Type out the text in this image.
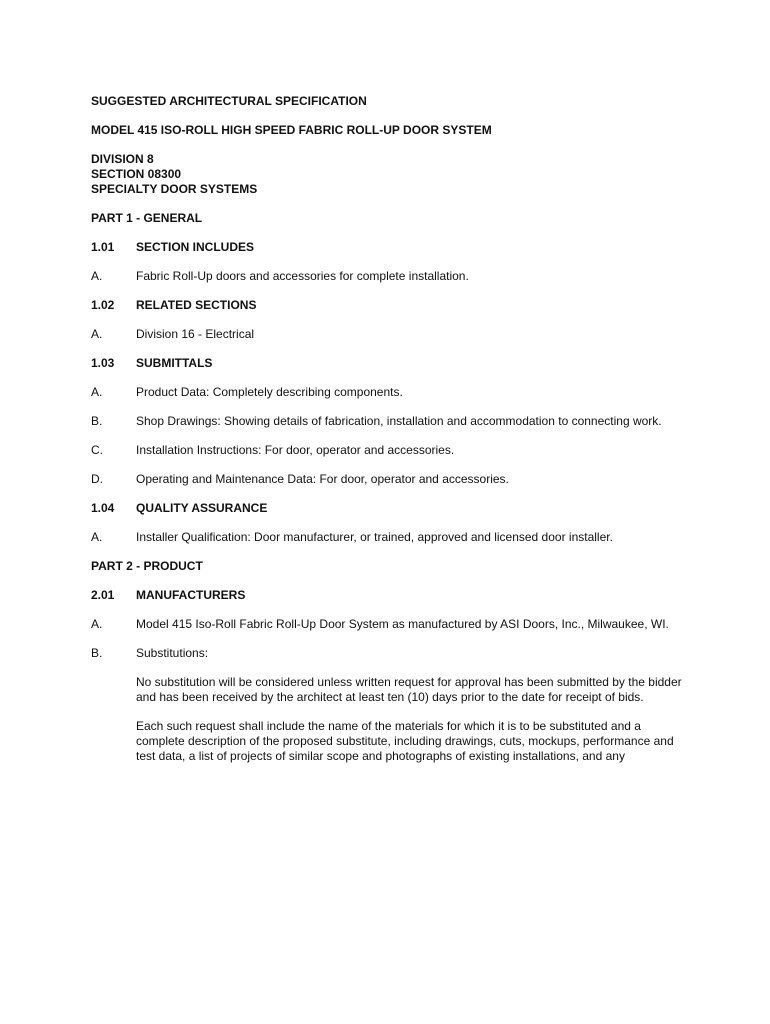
SUGGESTED ARCHITECTURAL SPECIFICATION
MODEL 415 ISO-ROLL HIGH SPEED FABRIC ROLL-UP DOOR SYSTEM
DIVISION 8
SECTION 08300
SPECIALTY DOOR SYSTEMS
PART 1 - GENERAL
1.01	SECTION INCLUDES
A.	Fabric Roll-Up doors and accessories for complete installation.
1.02	RELATED SECTIONS
A.	Division 16 - Electrical
1.03	SUBMITTALS
A.	Product Data: Completely describing components.
B.	Shop Drawings: Showing details of fabrication, installation and accommodation to connecting work.
C.	Installation Instructions: For door, operator and accessories.
D.	Operating and Maintenance Data: For door, operator and accessories.
1.04	QUALITY ASSURANCE
A.	Installer Qualification: Door manufacturer, or trained, approved and licensed door installer.
PART 2 - PRODUCT
2.01	MANUFACTURERS
A.	Model 415 Iso-Roll Fabric Roll-Up Door System as manufactured by ASI Doors, Inc., Milwaukee, WI.
B.	Substitutions:
No substitution will be considered unless written request for approval has been submitted by the bidder and has been received by the architect at least ten (10) days prior to the date for receipt of bids.
Each such request shall include the name of the materials for which it is to be substituted and a complete description of the proposed substitute, including drawings, cuts, mockups, performance and test data, a list of projects of similar scope and photographs of existing installations, and any
